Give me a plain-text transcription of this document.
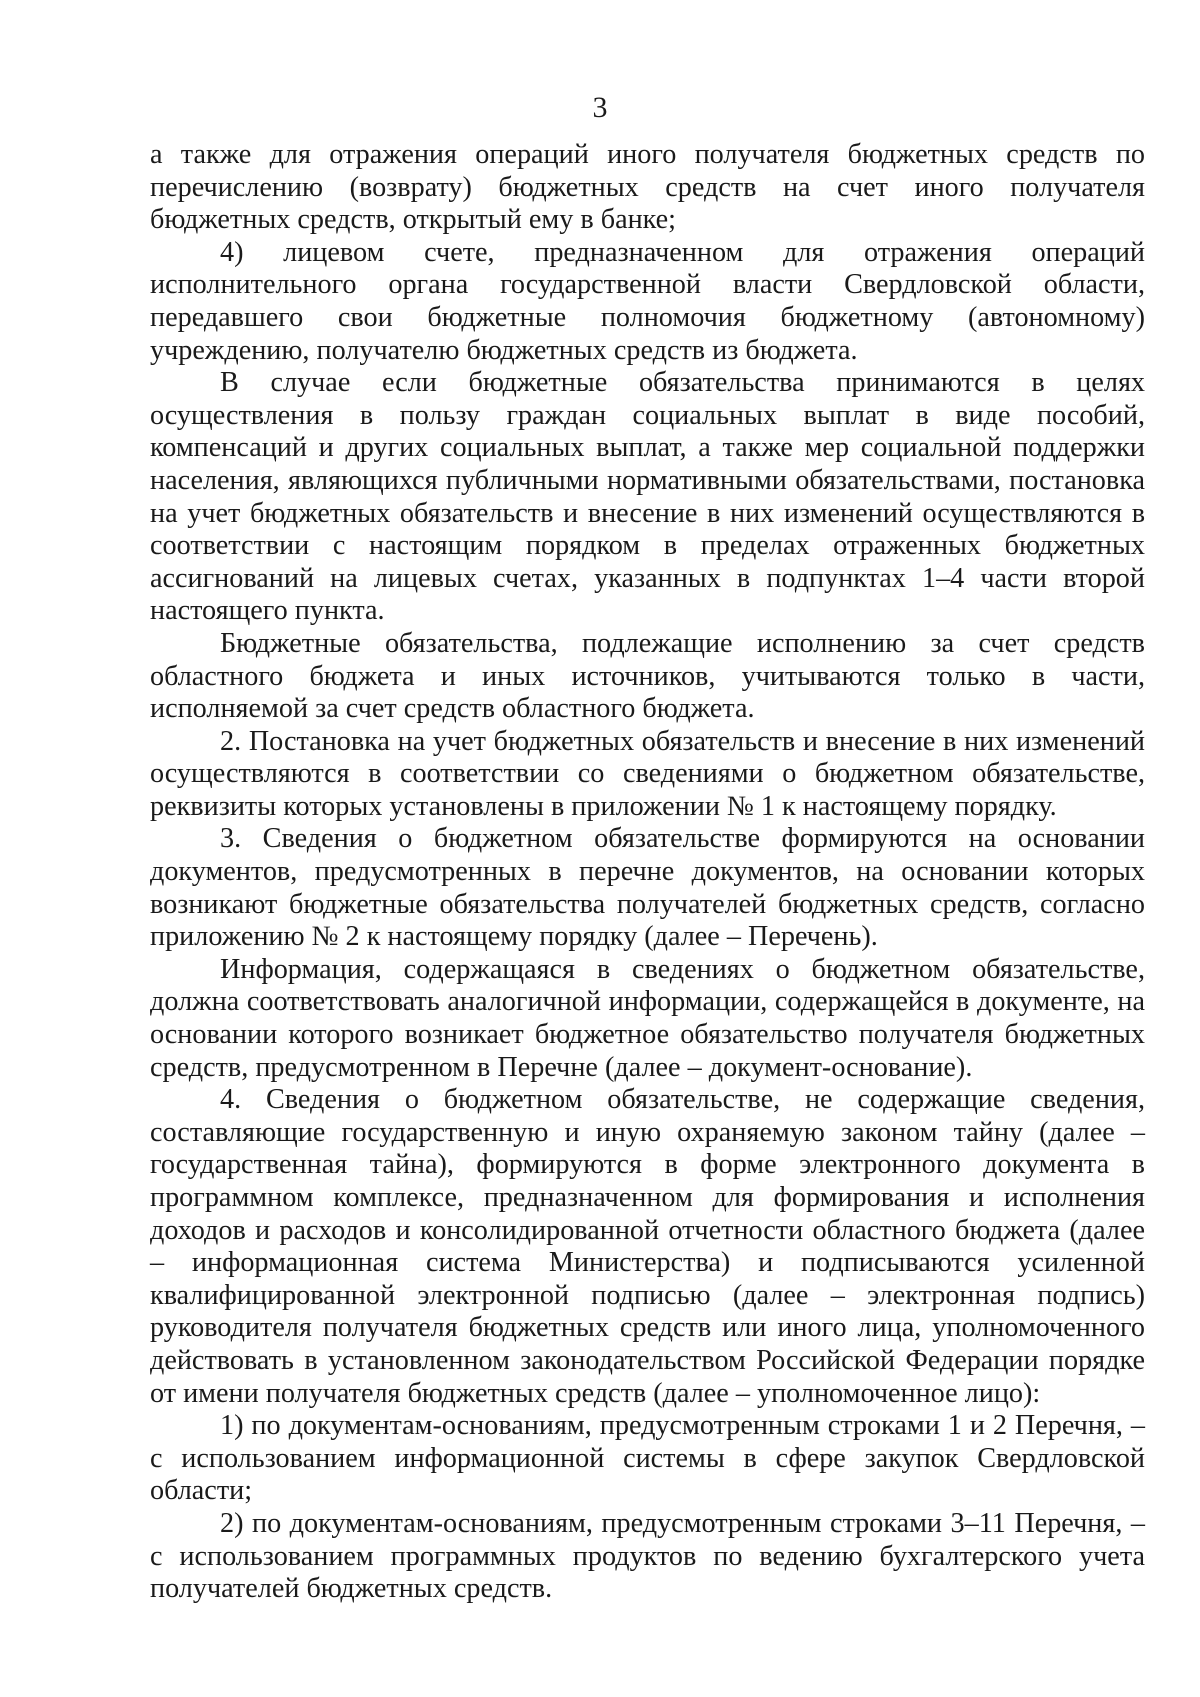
3

а также для отражения операций иного получателя бюджетных средств по перечислению (возврату) бюджетных средств на счет иного получателя бюджетных средств, открытый ему в банке;

4) лицевом счете, предназначенном для отражения операций исполнительного органа государственной власти Свердловской области, передавшего свои бюджетные полномочия бюджетному (автономному) учреждению, получателю бюджетных средств из бюджета.

В случае если бюджетные обязательства принимаются в целях осуществления в пользу граждан социальных выплат в виде пособий, компенсаций и других социальных выплат, а также мер социальной поддержки населения, являющихся публичными нормативными обязательствами, постановка на учет бюджетных обязательств и внесение в них изменений осуществляются в соответствии с настоящим порядком в пределах отраженных бюджетных ассигнований на лицевых счетах, указанных в подпунктах 1–4 части второй настоящего пункта.

Бюджетные обязательства, подлежащие исполнению за счет средств областного бюджета и иных источников, учитываются только в части, исполняемой за счет средств областного бюджета.

2. Постановка на учет бюджетных обязательств и внесение в них изменений осуществляются в соответствии со сведениями о бюджетном обязательстве, реквизиты которых установлены в приложении № 1 к настоящему порядку.

3. Сведения о бюджетном обязательстве формируются на основании документов, предусмотренных в перечне документов, на основании которых возникают бюджетные обязательства получателей бюджетных средств, согласно приложению № 2 к настоящему порядку (далее – Перечень).

Информация, содержащаяся в сведениях о бюджетном обязательстве, должна соответствовать аналогичной информации, содержащейся в документе, на основании которого возникает бюджетное обязательство получателя бюджетных средств, предусмотренном в Перечне (далее – документ-основание).

4. Сведения о бюджетном обязательстве, не содержащие сведения, составляющие государственную и иную охраняемую законом тайну (далее – государственная тайна), формируются в форме электронного документа в программном комплексе, предназначенном для формирования и исполнения доходов и расходов и консолидированной отчетности областного бюджета (далее – информационная система Министерства) и подписываются усиленной квалифицированной электронной подписью (далее – электронная подпись) руководителя получателя бюджетных средств или иного лица, уполномоченного действовать в установленном законодательством Российской Федерации порядке от имени получателя бюджетных средств (далее – уполномоченное лицо):

1) по документам-основаниям, предусмотренным строками 1 и 2 Перечня, – с использованием информационной системы в сфере закупок Свердловской области;

2) по документам-основаниям, предусмотренным строками 3–11 Перечня, – с использованием программных продуктов по ведению бухгалтерского учета получателей бюджетных средств.
